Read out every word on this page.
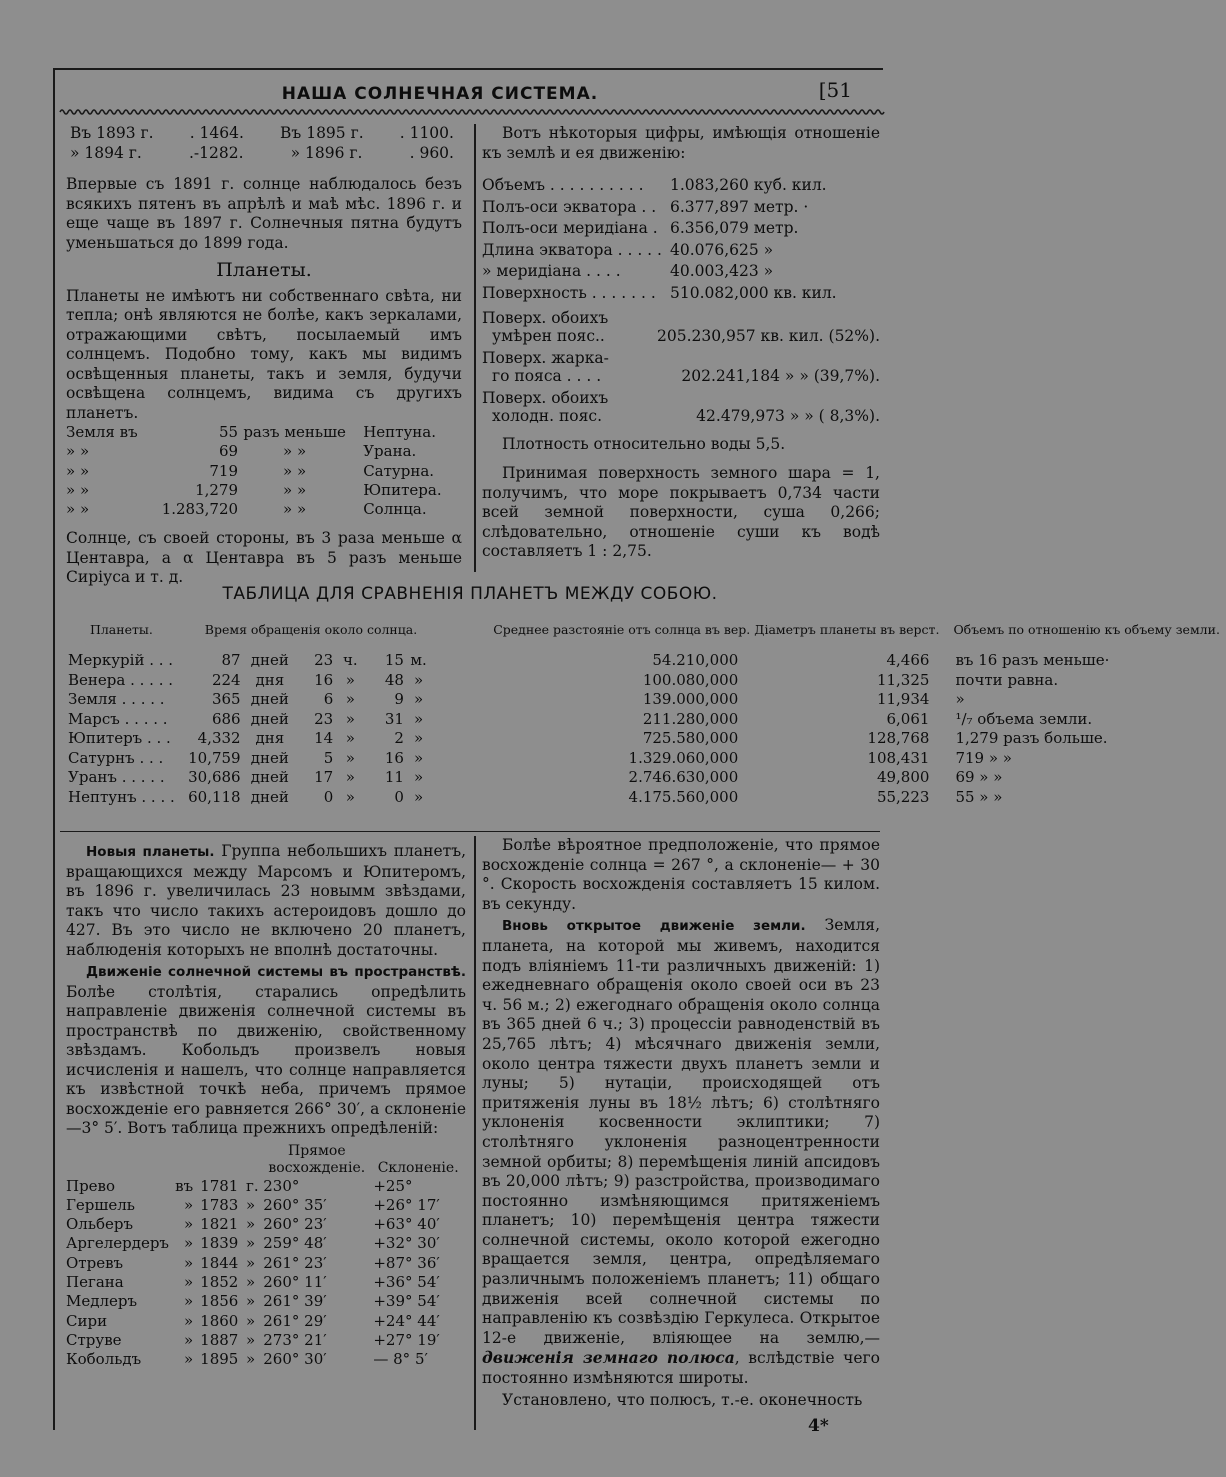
НАША СОЛНЕЧНАЯ СИСТЕМА.	[51
Въ 1893 г. . 1464. Въ 1895 г. . 1100.
» 1894 г.	.-1282.	» 1896 г.	. 960.

Впервые съ 1891 г. солнце наблюдалось безъ всякихъ пятенъ въ апрѣлѣ и маѣ мѣс. 1896 г. и еще чаще въ 1897 г. Солнечныя пятна будутъ уменьшаться до 1899 года.

Планеты.

Планеты не имѣютъ ни собственнаго свѣта, ни тепла; онѣ являются не болѣе, какъ зеркалами, отражающими свѣтъ, посылаемый имъ солнцемъ. Подобно тому, какъ мы видимъ освѣщенныя планеты, такъ и земля, будучи освѣщена солнцемъ, видима съ другихъ планетъ.

Земля въ	55	разъ меньше	Нептуна.
» »	69	» »	Урана.
» »	719	» »	Сатурна.
» »	1,279	» »	Юпитера.
» »	1.283,720	» »	Солнца.

Солнце, съ своей стороны, въ 3 раза меньше α Центавра, а α Центавра въ 5 разъ меньше Сиріуса и т. д.

Вотъ нѣкоторыя цифры, имѣющія отношеніе къ землѣ и ея движенію:

Объемъ . . . . . . . . . . 1.083,260 куб. кил.
Полъ-оси экватора . . 6.377,897 метр. ·
Полъ-оси меридіана . 6.356,079 метр.
Длина экватора . . . . . 40.076,625 »
» меридіана . . . .	40.003,423 »
Поверхность . . . . . . . 510.082,000 кв. кил.
Поверх. обоихъ
умѣрен пояс..	205.230,957 кв. кил. (52%).
Поверх. жарка-
го пояса . . . .	202.241,184 » » (39,7%).
Поверх. обоихъ
холодн. пояс.	42.479,973 » » ( 8,3%).

Плотность относительно воды 5,5.

Принимая поверхность земного шара = 1, получимъ, что море покрываетъ 0,734 части всей земной поверхности, суша 0,266; слѣдовательно, отношеніе суши къ водѣ составляетъ 1 : 2,75.

ТАБЛИЦА ДЛЯ СРАВНЕНІЯ ПЛАНЕТЪ МЕЖДУ СОБОЮ.
Планеты.	Время обращенія около солнца.						Среднее разстояніе отъ солнца въ вер.	Діаметръ планеты въ верст.	Объемъ по отношенію къ объему земли.
Меркурій . . .	87	дней	23	ч.	15	м.	54.210,000	4,466	въ 16 разъ меньше·
Венера . . . . .	224	дня	16	»	48	»	100.080,000	11,325	почти равна.
Земля . . . . .	365	дней	6	»	9	»	139.000,000	11,934	»
Марсъ . . . . .	686	дней	23	»	31	»	211.280,000	6,061	¹/₇ объема земли.
Юпитеръ . . .	4,332	дня	14	»	2	»	725.580,000	128,768	1,279 разъ больше.
Сатурнъ . . .	10,759	дней	5	»	16	»	1.329.060,000	108,431	719 » »
Уранъ . . . . .	30,686	дней	17	»	11	»	2.746.630,000	49,800	69 » »
Нептунъ . . . .	60,118	дней	0	»	0	»	4.175.560,000	55,223	55 » »

Новыя планеты. Группа небольшихъ планетъ, вращающихся между Марсомъ и Юпитеромъ, въ 1896 г. увеличилась 23 новымм звѣздами, такъ что число такихъ астероидовъ дошло до 427. Въ это число не включено 20 планетъ, наблюденія которыхъ не вполнѣ достаточны.

Движеніе солнечной системы въ пространствѣ. Болѣе столѣтія, старались опредѣлить направленіе движенія солнечной системы въ пространствѣ по движенію, свойственному звѣздамъ. Кобольдъ произвелъ новыя исчисленія и нашелъ, что солнце направляется къ извѣстной точкѣ неба, причемъ прямое восхожденіе его равняется 266° 30′, а склоненіе—3° 5′. Вотъ таблица прежнихъ опредѣленій:

				Прямое
восхожденіе.	Склоненіе.
Прево	въ	1781	г.	230°	+25°
Гершель	»	1783	»	260° 35′	+26° 17′
Ольберъ	»	1821	»	260° 23′	+63° 40′
Аргелердеръ	»	1839	»	259° 48′	+32° 30′
Отревъ	»	1844	»	261° 23′	+87° 36′
Пегана	»	1852	»	260° 11′	+36° 54′
Медлеръ	»	1856	»	261° 39′	+39° 54′
Сири	»	1860	»	261° 29′	+24° 44′
Струве	»	1887	»	273° 21′	+27° 19′
Кобольдъ	»	1895	»	260° 30′	— 8° 5′

Болѣе вѣроятное предположеніе, что прямое восхожденіе солнца = 267 °, а склоненіе— + 30 °. Скорость восхожденія составляетъ 15 килом. въ секунду.

Вновь открытое движеніе земли. Земля, планета, на которой мы живемъ, находится подъ вліяніемъ 11-ти различныхъ движеній: 1) ежедневнаго обращенія около своей оси въ 23 ч. 56 м.; 2) ежегоднаго обращенія около солнца въ 365 дней 6 ч.; 3) процессіи равноденствій въ 25,765 лѣтъ; 4) мѣсячнаго движенія земли, около центра тяжести двухъ планетъ земли и луны; 5) нутаціи, происходящей отъ притяженія луны въ 18½ лѣтъ; 6) столѣтняго уклоненія косвенности эклиптики; 7) столѣтняго уклоненія разноцентренности земной орбиты; 8) перемѣщенія линій апсидовъ въ 20,000 лѣтъ; 9) разстройства, производимаго постоянно измѣняющимся притяженіемъ планетъ; 10) перемѣщенія центра тяжести солнечной системы, около которой ежегодно вращается земля, центра, опредѣляемаго различнымъ положеніемъ планетъ; 11) общаго движенія всей солнечной системы по направленію къ созвѣздію Геркулеса. Открытое 12-е движеніе, вліяющее на землю,— движенія земнаго полюса, вслѣдствіе чего постоянно измѣняются широты.

Установлено, что полюсъ, т.-е. оконечность

4*
